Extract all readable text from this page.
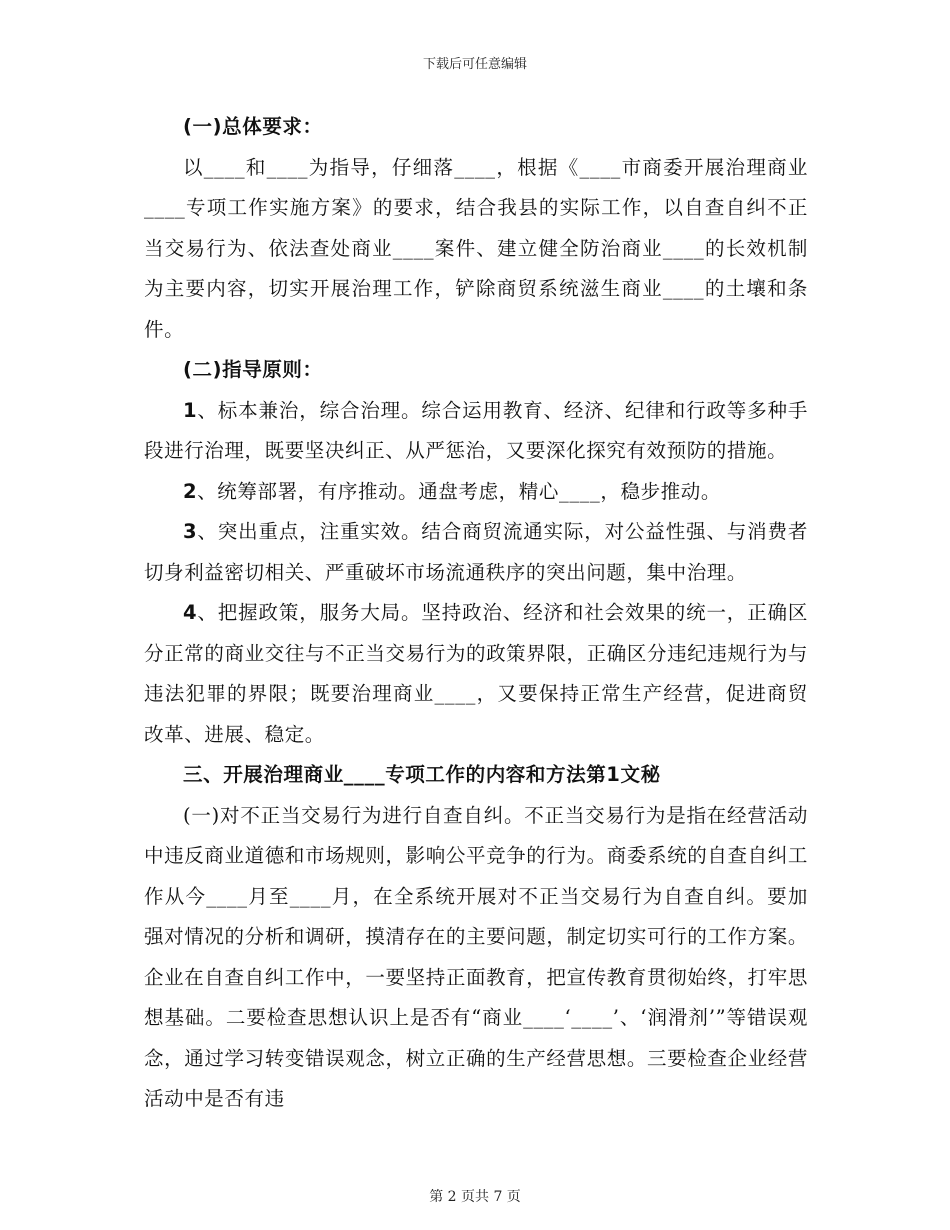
下载后可任意编辑

(一)总体要求：

以____和____为指导，仔细落____，根据《____市商委开展治理商业____专项工作实施方案》的要求，结合我县的实际工作，以自查自纠不正当交易行为、依法查处商业____案件、建立健全防治商业____的长效机制为主要内容，切实开展治理工作，铲除商贸系统滋生商业____的土壤和条件。

(二)指导原则：

1、标本兼治，综合治理。综合运用教育、经济、纪律和行政等多种手段进行治理，既要坚决纠正、从严惩治，又要深化探究有效预防的措施。

2、统筹部署，有序推动。通盘考虑，精心____，稳步推动。

3、突出重点，注重实效。结合商贸流通实际，对公益性强、与消费者切身利益密切相关、严重破坏市场流通秩序的突出问题，集中治理。

4、把握政策，服务大局。坚持政治、经济和社会效果的统一，正确区分正常的商业交往与不正当交易行为的政策界限，正确区分违纪违规行为与违法犯罪的界限；既要治理商业____，又要保持正常生产经营，促进商贸改革、进展、稳定。

三、开展治理商业____专项工作的内容和方法第1文秘

(一)对不正当交易行为进行自查自纠。不正当交易行为是指在经营活动中违反商业道德和市场规则，影响公平竞争的行为。商委系统的自查自纠工作从今____月至____月，在全系统开展对不正当交易行为自查自纠。要加强对情况的分析和调研，摸清存在的主要问题，制定切实可行的工作方案。企业在自查自纠工作中，一要坚持正面教育，把宣传教育贯彻始终，打牢思想基础。二要检查思想认识上是否有“商业____‘____’、‘润滑剂’”等错误观念，通过学习转变错误观念，树立正确的生产经营思想。三要检查企业经营活动中是否有违

第 2 页共 7 页
